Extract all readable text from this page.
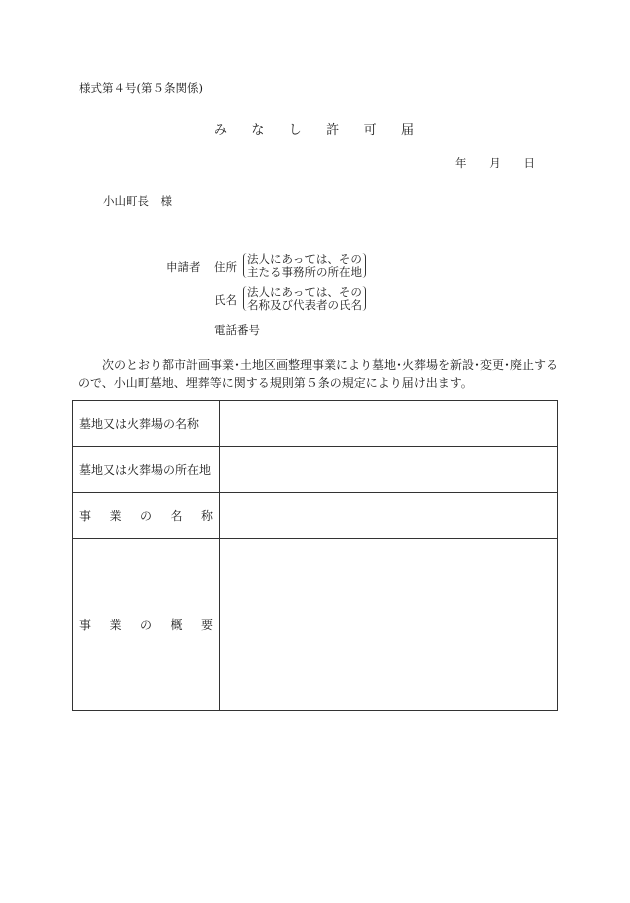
様式第４号(第５条関係)
み な し 許 可 届
年 月 日
小山町長　様
申請者 住所
法人にあっては、その
主たる事務所の所在地
氏名
法人にあっては、その
名称及び代表者の氏名
電話番号
次のとおり都市計画事業･土地区画整理事業により墓地･火葬場を新設･変更･廃止する
ので、小山町墓地、埋葬等に関する規則第５条の規定により届け出ます。
墓地又は火葬場の名称	
墓地又は火葬場の所在地	

事 業 の 名 称	

事 業 の 概 要	
